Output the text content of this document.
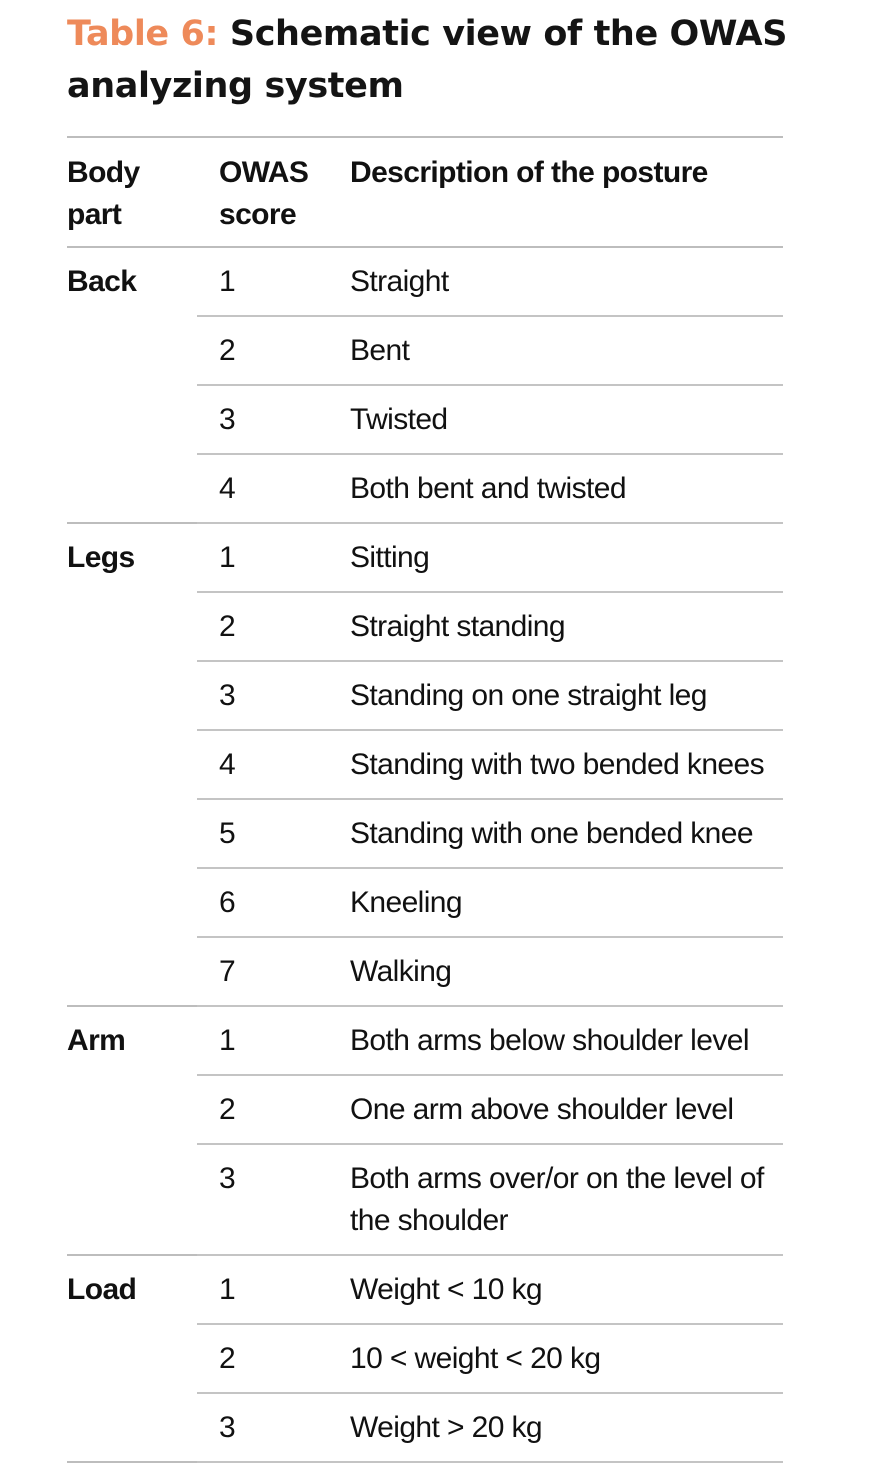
Table 6: Schematic view of the OWAS analyzing system
Body part	OWAS score	Description of the posture
Back	1	Straight
	2	Bent
	3	Twisted
	4	Both bent and twisted
Legs	1	Sitting
	2	Straight standing
	3	Standing on one straight leg
	4	Standing with two bended knees
	5	Standing with one bended knee
	6	Kneeling
	7	Walking
Arm	1	Both arms below shoulder level
	2	One arm above shoulder level
	3	Both arms over/or on the level of the shoulder
Load	1	Weight < 10 kg
	2	10 < weight < 20 kg
	3	Weight > 20 kg
